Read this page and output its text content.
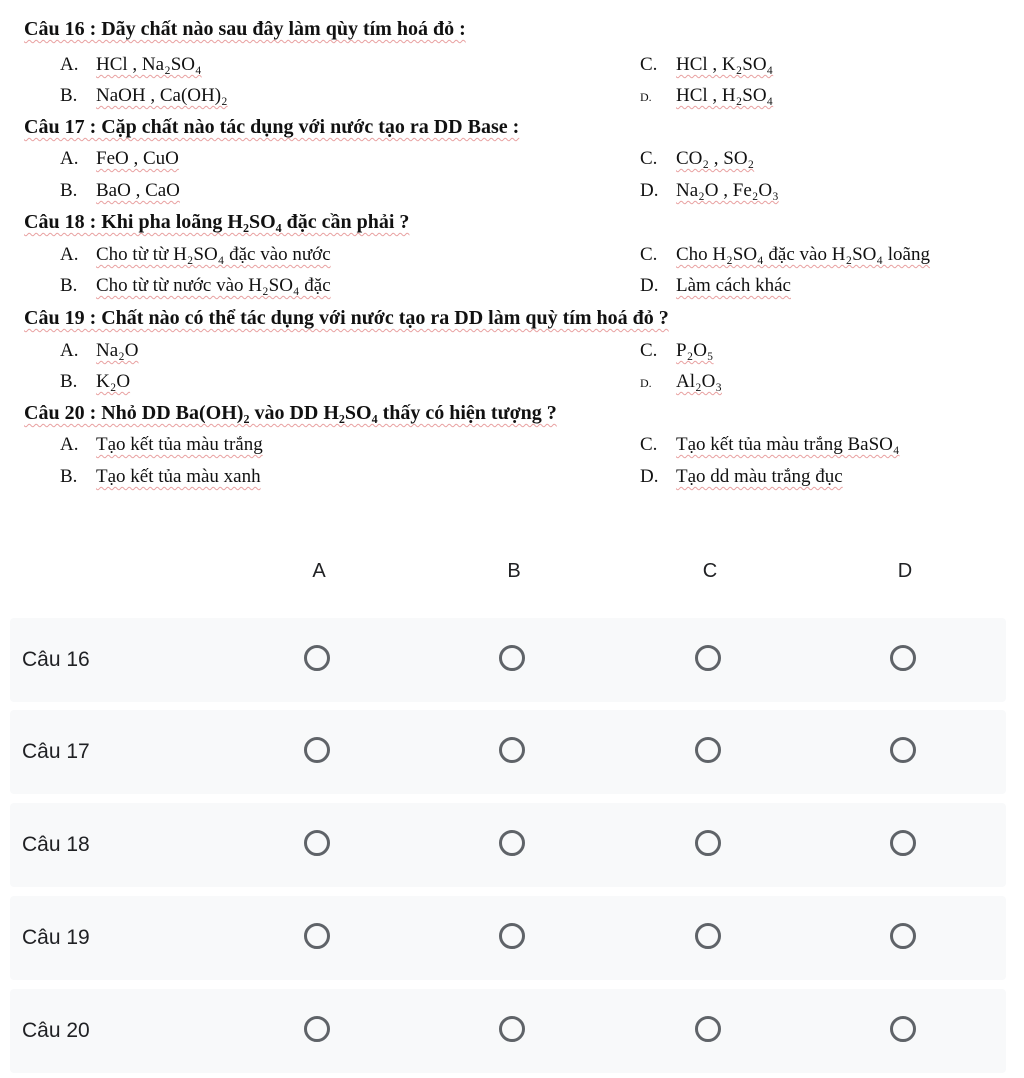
Câu 16 : Dãy chất nào sau đây làm qùy tím hoá đỏ :
A. HCl , Na₂SO₄	C. HCl , K₂SO₄
B. NaOH , Ca(OH)₂	D. HCl , H₂SO₄
Câu 17 : Cặp chất nào tác dụng với nước tạo ra DD Base :
A. FeO , CuO	C. CO₂ , SO₂
B. BaO , CaO	D. Na₂O , Fe₂O₃
Câu 18 : Khi pha loãng H₂SO₄ đặc cần phải ?
A. Cho từ từ H₂SO₄ đặc vào nước	C. Cho H₂SO₄ đặc vào H₂SO₄ loãng
B. Cho từ từ nước vào H₂SO₄ đặc	D. Làm cách khác
Câu 19 : Chất nào có thể tác dụng với nước tạo ra DD làm quỳ tím hoá đỏ ?
A. Na₂O	C. P₂O₅
B. K₂O	D. Al₂O₃
Câu 20 : Nhỏ DD Ba(OH)₂ vào DD H₂SO₄ thấy có hiện tượng ?
A. Tạo kết tủa màu trắng	C. Tạo kết tủa màu trắng BaSO₄
B. Tạo kết tủa màu xanh	D. Tạo dd màu trắng đục
A	B	C	D
Câu 16
Câu 17
Câu 18
Câu 19
Câu 20
